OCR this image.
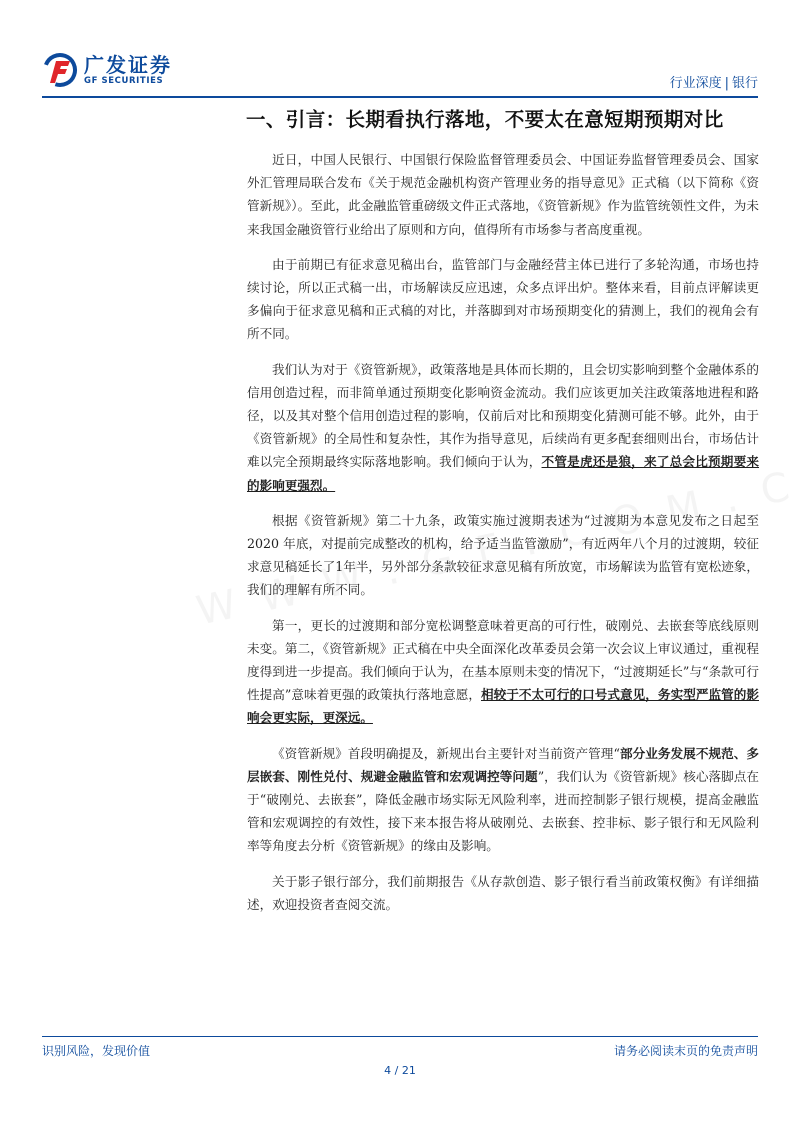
广发证券
GF SECURITIES	行业深度 | 银行
一、引言：长期看执行落地，不要太在意短期预期对比

近日，中国人民银行、中国银行保险监督管理委员会、中国证券监督管理委员会、国家外汇管理局联合发布《关于规范金融机构资产管理业务的指导意见》正式稿（以下简称《资管新规》）。至此，此金融监管重磅级文件正式落地，《资管新规》作为监管统领性文件，为未来我国金融资管行业给出了原则和方向，值得所有市场参与者高度重视。

由于前期已有征求意见稿出台，监管部门与金融经营主体已进行了多轮沟通，市场也持续讨论，所以正式稿一出，市场解读反应迅速，众多点评出炉。整体来看，目前点评解读更多偏向于征求意见稿和正式稿的对比，并落脚到对市场预期变化的猜测上，我们的视角会有所不同。

我们认为对于《资管新规》，政策落地是具体而长期的，且会切实影响到整个金融体系的信用创造过程，而非简单通过预期变化影响资金流动。我们应该更加关注政策落地进程和路径，以及其对整个信用创造过程的影响，仅前后对比和预期变化猜测可能不够。此外，由于《资管新规》的全局性和复杂性，其作为指导意见，后续尚有更多配套细则出台，市场估计难以完全预期最终实际落地影响。我们倾向于认为，不管是虎还是狼，来了总会比预期要来的影响更强烈。

根据《资管新规》第二十九条，政策实施过渡期表述为“过渡期为本意见发布之日起至 2020 年底，对提前完成整改的机构，给予适当监管激励”，有近两年八个月的过渡期，较征求意见稿延长了1年半，另外部分条款较征求意见稿有所放宽，市场解读为监管有宽松迹象，我们的理解有所不同。

第一，更长的过渡期和部分宽松调整意味着更高的可行性，破刚兑、去嵌套等底线原则未变。第二，《资管新规》正式稿在中央全面深化改革委员会第一次会议上审议通过，重视程度得到进一步提高。我们倾向于认为，在基本原则未变的情况下，“过渡期延长”与“条款可行性提高”意味着更强的政策执行落地意愿，相较于不太可行的口号式意见，务实型严监管的影响会更实际，更深远。

《资管新规》首段明确提及，新规出台主要针对当前资产管理“部分业务发展不规范、多层嵌套、刚性兑付、规避金融监管和宏观调控等问题”，我们认为《资管新规》核心落脚点在于“破刚兑、去嵌套”，降低金融市场实际无风险利率，进而控制影子银行规模，提高金融监管和宏观调控的有效性，接下来本报告将从破刚兑、去嵌套、控非标、影子银行和无风险利率等角度去分析《资管新规》的缘由及影响。

关于影子银行部分，我们前期报告《从存款创造、影子银行看当前政策权衡》有详细描述，欢迎投资者查阅交流。

识别风险，发现价值	请务必阅读末页的免责声明
4 / 21
